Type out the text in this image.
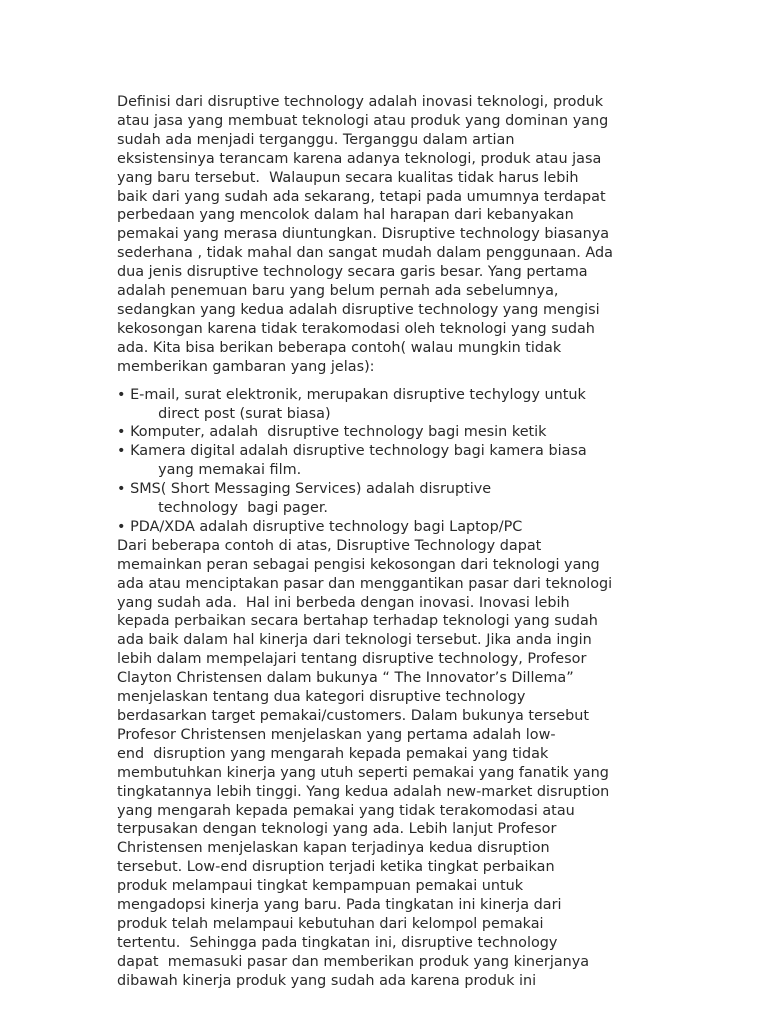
Definisi dari disruptive technology adalah inovasi teknologi, produk
atau jasa yang membuat teknologi atau produk yang dominan yang
sudah ada menjadi terganggu. Terganggu dalam artian
eksistensinya terancam karena adanya teknologi, produk atau jasa
yang baru tersebut.  Walaupun secara kualitas tidak harus lebih
baik dari yang sudah ada sekarang, tetapi pada umumnya terdapat
perbedaan yang mencolok dalam hal harapan dari kebanyakan
pemakai yang merasa diuntungkan. Disruptive technology biasanya
sederhana , tidak mahal dan sangat mudah dalam penggunaan. Ada
dua jenis disruptive technology secara garis besar. Yang pertama
adalah penemuan baru yang belum pernah ada sebelumnya,
sedangkan yang kedua adalah disruptive technology yang mengisi
kekosongan karena tidak terakomodasi oleh teknologi yang sudah
ada. Kita bisa berikan beberapa contoh( walau mungkin tidak
memberikan gambaran yang jelas):
• E-mail, surat elektronik, merupakan disruptive techylogy untuk
direct post (surat biasa)
• Komputer, adalah  disruptive technology bagi mesin ketik
• Kamera digital adalah disruptive technology bagi kamera biasa
yang memakai film.
• SMS( Short Messaging Services) adalah disruptive
technology  bagi pager.
• PDA/XDA adalah disruptive technology bagi Laptop/PC
Dari beberapa contoh di atas, Disruptive Technology dapat
memainkan peran sebagai pengisi kekosongan dari teknologi yang
ada atau menciptakan pasar dan menggantikan pasar dari teknologi
yang sudah ada.  Hal ini berbeda dengan inovasi. Inovasi lebih
kepada perbaikan secara bertahap terhadap teknologi yang sudah
ada baik dalam hal kinerja dari teknologi tersebut. Jika anda ingin
lebih dalam mempelajari tentang disruptive technology, Profesor
Clayton Christensen dalam bukunya “ The Innovator’s Dillema”
menjelaskan tentang dua kategori disruptive technology
berdasarkan target pemakai/customers. Dalam bukunya tersebut
Profesor Christensen menjelaskan yang pertama adalah low-
end  disruption yang mengarah kepada pemakai yang tidak
membutuhkan kinerja yang utuh seperti pemakai yang fanatik yang
tingkatannya lebih tinggi. Yang kedua adalah new-market disruption
yang mengarah kepada pemakai yang tidak terakomodasi atau
terpusakan dengan teknologi yang ada. Lebih lanjut Profesor
Christensen menjelaskan kapan terjadinya kedua disruption
tersebut. Low-end disruption terjadi ketika tingkat perbaikan
produk melampaui tingkat kempampuan pemakai untuk
mengadopsi kinerja yang baru. Pada tingkatan ini kinerja dari
produk telah melampaui kebutuhan dari kelompol pemakai
tertentu.  Sehingga pada tingkatan ini, disruptive technology
dapat  memasuki pasar dan memberikan produk yang kinerjanya
dibawah kinerja produk yang sudah ada karena produk ini
